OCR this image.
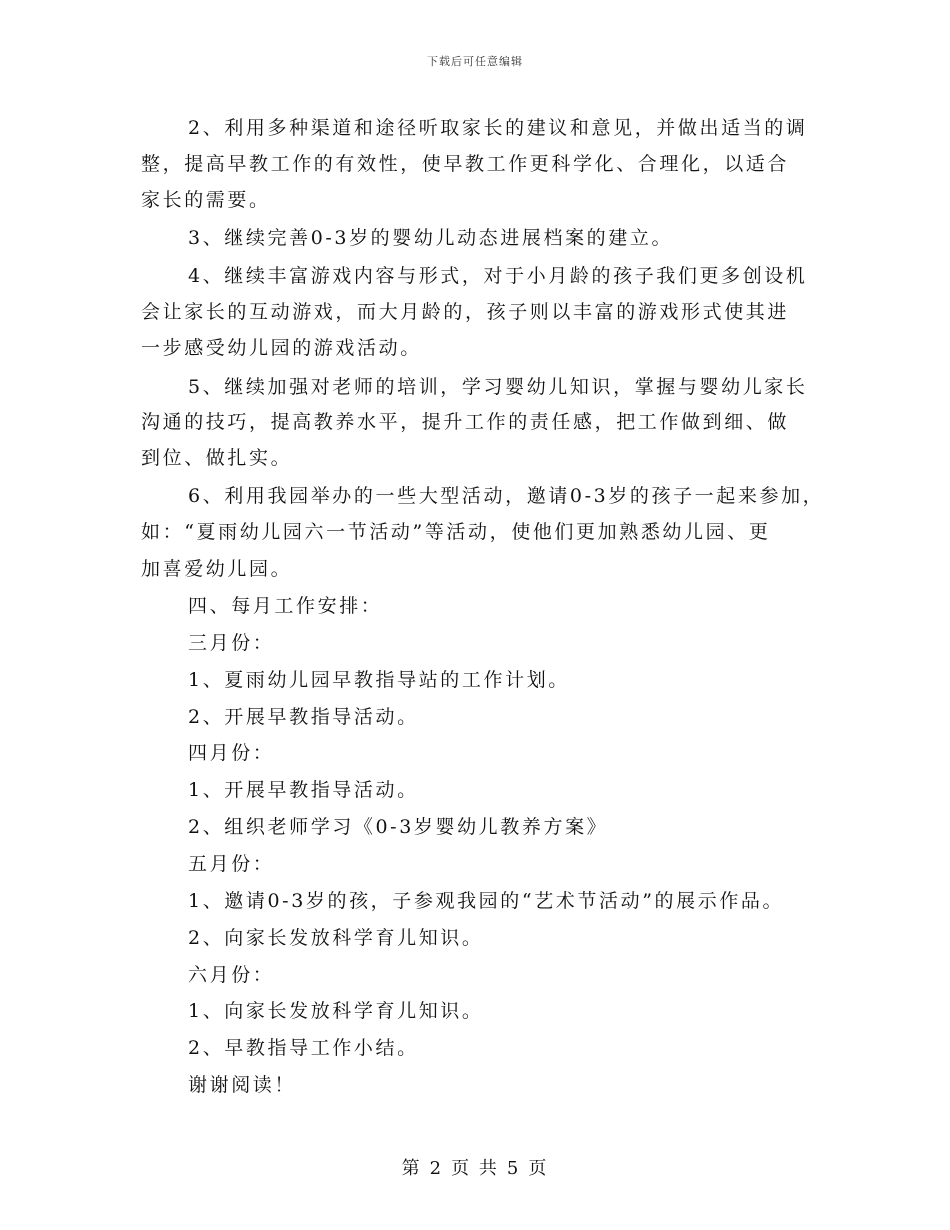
下载后可任意编辑
2、利用多种渠道和途径听取家长的建议和意见，并做出适当的调
整，提高早教工作的有效性，使早教工作更科学化、合理化，以适合
家长的需要。
3、继续完善0-3岁的婴幼儿动态进展档案的建立。
4、继续丰富游戏内容与形式，对于小月龄的孩子我们更多创设机
会让家长的互动游戏，而大月龄的，孩子则以丰富的游戏形式使其进
一步感受幼儿园的游戏活动。
5、继续加强对老师的培训，学习婴幼儿知识，掌握与婴幼儿家长
沟通的技巧，提高教养水平，提升工作的责任感，把工作做到细、做
到位、做扎实。
6、利用我园举办的一些大型活动，邀请0-3岁的孩子一起来参加，
如：“夏雨幼儿园六一节活动”等活动，使他们更加熟悉幼儿园、更
加喜爱幼儿园。
四、每月工作安排：
三月份：
1、夏雨幼儿园早教指导站的工作计划。
2、开展早教指导活动。
四月份：
1、开展早教指导活动。
2、组织老师学习《0-3岁婴幼儿教养方案》
五月份：
1、邀请0-3岁的孩，子参观我园的“艺术节活动”的展示作品。
2、向家长发放科学育儿知识。
六月份：
1、向家长发放科学育儿知识。
2、早教指导工作小结。
谢谢阅读！
第 2 页 共 5 页
